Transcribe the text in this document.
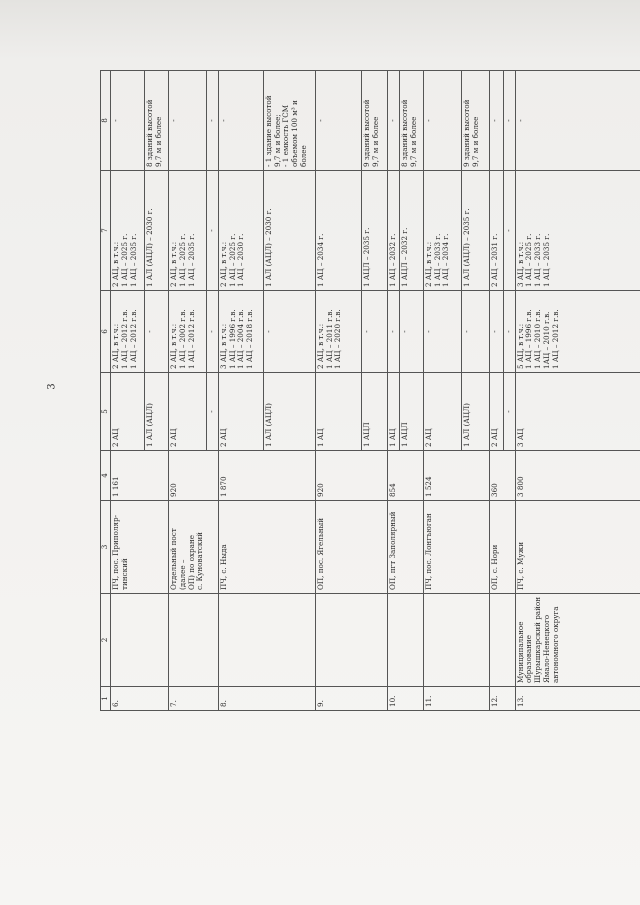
3
1	2	3	4	5	6	7	8
6.		ПЧ, пос. Приполяр-
тинский	1 161	2 АЦ	2 АЦ, в т.ч.:
1 АЦ – 2012 г.в.
1 АЦ – 2012 г.в.	2 АЦ, в т.ч.:
1 АЦ – 2025 г.
1 АЦ – 2035 г.	-
				1 АЛ (АЦЛ)	-	1 АЛ (АЦЛ) – 2030 г.	8 зданий высотой
9,7 м и более
7.		Отдельный пост (далее –
ОП) по охране
с. Куноватский	920	2 АЦ	2 АЦ, в т.ч.:
1 АЦ – 2002 г.в.
1 АЦ – 2012 г.в.	2 АЦ, в т.ч.:
1 АЦ – 2025 г.
1 АЦ – 2035 г.	-
				-	-	-	-
8.		ПЧ, с. Ныда	1 870	2 АЦ	3 АЦ, в т.ч.:
1 АЦ – 1996 г.в.
1 АЦ – 2004 г.в.
1 АЦ – 2018 г.в.	2 АЦ, в т.ч.:
1 АЦ – 2025 г.
1 АЦ – 2030 г.	-
				1 АЛ (АЦЛ)	-	1 АЛ (АЦЛ) – 2030 г.	- 1 здание высотой
9,7 м и более;
- 1 емкость ГСМ
объемом 100 м³ и
более
9.		ОП, пос. Ягельный	920	1 АЦ	2 АЦ, в т.ч.:
1 АЦ – 2011 г.в.
1 АЦ – 2020 г.в.	1 АЦ – 2034 г.	-
				1 АЦЛ	-	1 АЦЛ – 2035 г.	9 зданий высотой
9,7 м и более
10.		ОП, пгт Заполярный	854	1 АЦ	-	1 АЦ – 2032 г.	-
				1 АЦЛ	-	1 АЦЛ – 2032 г.	8 зданий высотой
9,7 м и более
11.		ПЧ, пос. Лонгъюган	1 524	2 АЦ	-	2 АЦ, в т.ч.:
1 АЦ – 2033 г.
1 АЦ – 2034 г.	-
				1 АЛ (АЦЛ)	-	1 АЛ (АЦЛ) – 2035 г.	9 зданий высотой
9,7 м и более
12.		ОП, с. Нори	360	2 АЦ	-	2 АЦ – 2031 г.	-
				-	-	-	-
13.	Муниципальное
образование
Шурышкарский район
Ямало-Ненецкого
автономного округа	ПЧ, с. Мужи	3 800	3 АЦ	5 АЦ, в т.ч.:
1 АЦ – 1996 г.в.
1 АЦ – 2010 г.в.
1АЦ – 2010 г.в.
1 АЦ – 2012 г.в.	3 АЦ, в т.ч.:
1 АЦ – 2025 г.
1 АЦ – 2033 г.
1 АЦ – 2035 г.	-
